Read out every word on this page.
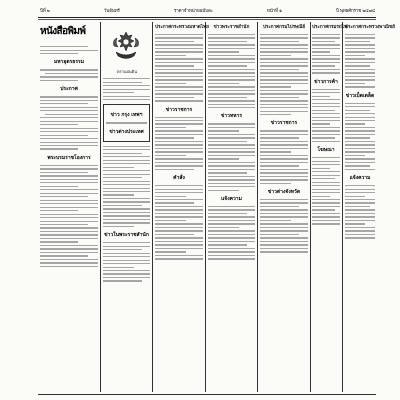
ปีที่ ๒	วันจันทร์	ราคาจำหน่ายฉบับละ	หน้าที่ ๑	ปี พุทธศักราช ๒๔๗๔
หนังสือพิมพ์
ตราแผ่นดิน
มหาอุดรธรรม
ประกาศ
พระบรมราชโองการ
ข่าว กรุง เทพฯ
ข่าวต่างประเทศ
ข่าวในพระราชสำนัก
ประกาศกระทรวงมหาดไทย
ข่าวราชการ
คำสั่ง
ข่าวพระราชสำนัก
ข่าวทหาร
แจ้งความ
ประกาศกรมไปรษณีย์
ข่าวราชการ
ข่าวต่างจังหวัด
ประกาศกรมรถไฟ
ข่าวการค้า
โฆษณา
ประกาศกระทรวงพาณิชย์
ข่าวเบ็ดเตล็ด
แจ้งความ
